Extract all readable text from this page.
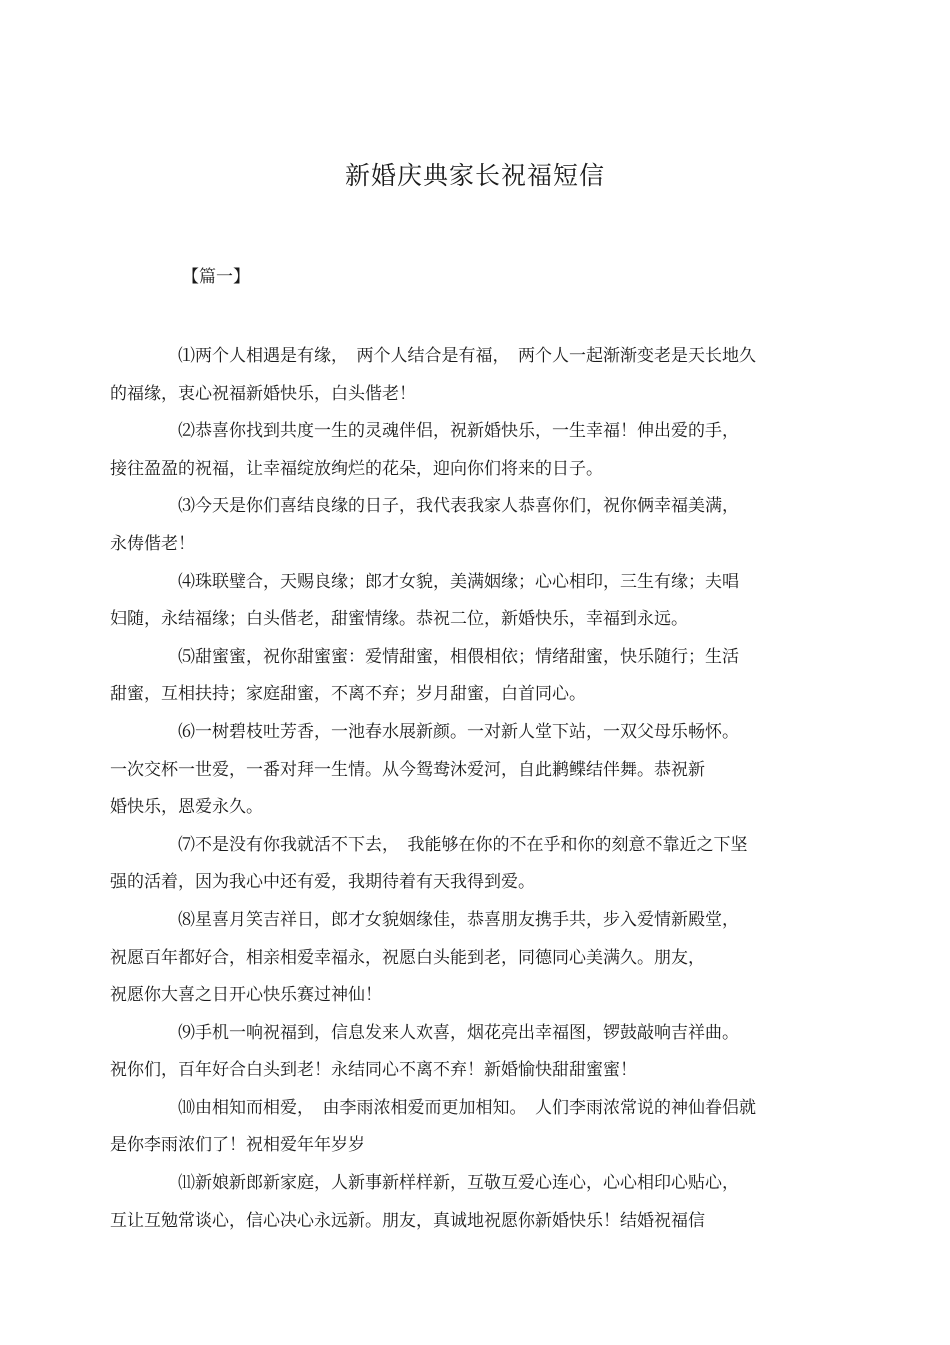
新婚庆典家长祝福短信
【篇一】
⑴两个人相遇是有缘，　两个人结合是有福，　两个人一起渐渐变老是天长地久
的福缘，衷心祝福新婚快乐，白头偕老！
⑵恭喜你找到共度一生的灵魂伴侣，祝新婚快乐，一生幸福！伸出爱的手，
接往盈盈的祝福，让幸福绽放绚烂的花朵，迎向你们将来的日子。
⑶今天是你们喜结良缘的日子，我代表我家人恭喜你们，祝你俩幸福美满，
永俦偕老！
⑷珠联璧合，天赐良缘；郎才女貌，美满姻缘；心心相印，三生有缘；夫唱
妇随，永结福缘；白头偕老，甜蜜情缘。恭祝二位，新婚快乐，幸福到永远。
⑸甜蜜蜜，祝你甜蜜蜜：爱情甜蜜，相偎相依；情绪甜蜜，快乐随行；生活
甜蜜，互相扶持；家庭甜蜜，不离不弃；岁月甜蜜，白首同心。
⑹一树碧枝吐芳香，一池春水展新颜。一对新人堂下站，一双父母乐畅怀。
一次交杯一世爱，一番对拜一生情。从今鸳鸯沐爱河，自此鹣鲽结伴舞。恭祝新
婚快乐，恩爱永久。
⑺不是没有你我就活不下去，　我能够在你的不在乎和你的刻意不靠近之下坚
强的活着，因为我心中还有爱，我期待着有天我得到爱。
⑻星喜月笑吉祥日，郎才女貌姻缘佳，恭喜朋友携手共，步入爱情新殿堂，
祝愿百年都好合，相亲相爱幸福永，祝愿白头能到老，同德同心美满久。朋友，
祝愿你大喜之日开心快乐赛过神仙！
⑼手机一响祝福到，信息发来人欢喜，烟花亮出幸福图，锣鼓敲响吉祥曲。
祝你们，百年好合白头到老！永结同心不离不弃！新婚愉快甜甜蜜蜜！
⑽由相知而相爱，　由李雨浓相爱而更加相知。　人们李雨浓常说的神仙眷侣就
是你李雨浓们了！祝相爱年年岁岁
⑾新娘新郎新家庭，人新事新样样新，互敬互爱心连心，心心相印心贴心，
互让互勉常谈心，信心决心永远新。朋友，真诚地祝愿你新婚快乐！结婚祝福信
